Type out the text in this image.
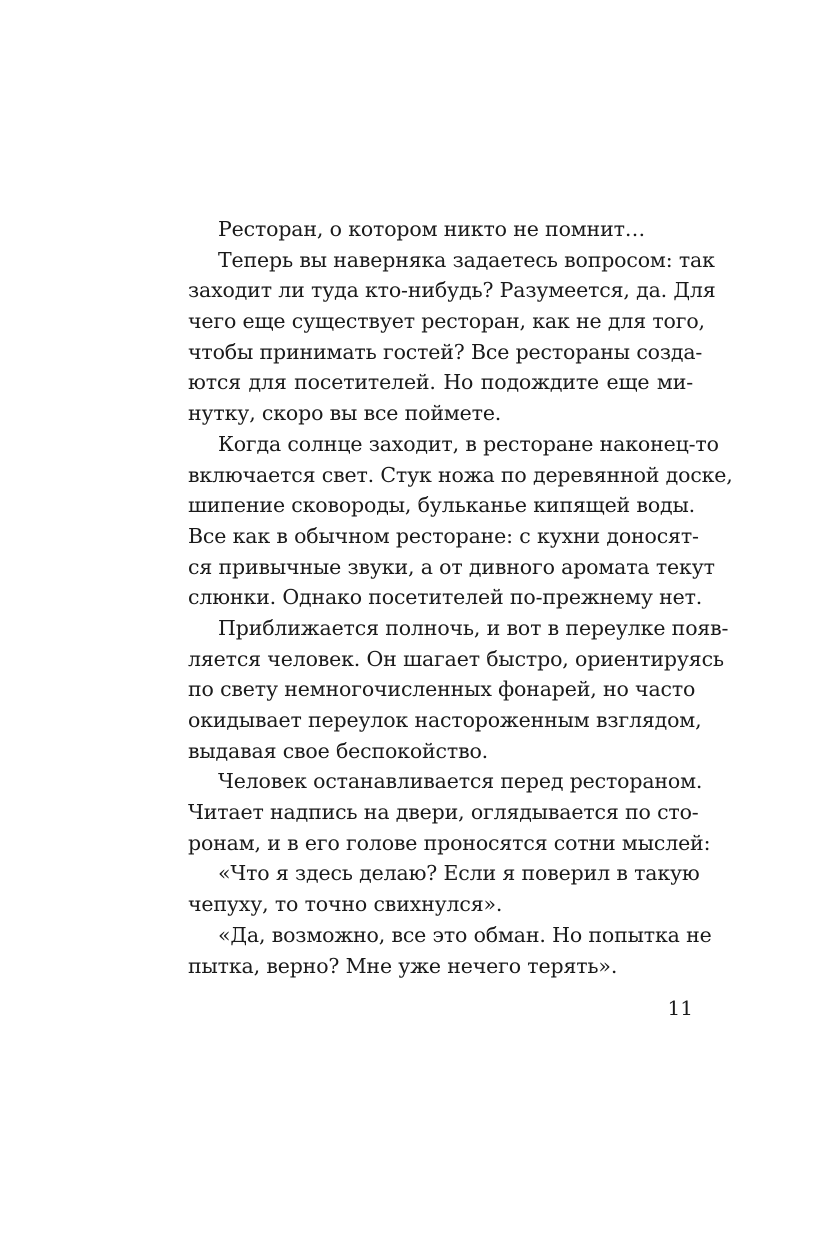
Ресторан, о котором никто не помнит…
Теперь вы наверняка задаетесь вопросом: так
заходит ли туда кто-нибудь? Разумеется, да. Для
чего еще существует ресторан, как не для того,
чтобы принимать гостей? Все рестораны созда-
ются для посетителей. Но подождите еще ми-
нутку, скоро вы все поймете.
Когда солнце заходит, в ресторане наконец-то
включается свет. Стук ножа по деревянной доске,
шипение сковороды, бульканье кипящей воды.
Все как в обычном ресторане: с кухни доносят-
ся привычные звуки, а от дивного аромата текут
слюнки. Однако посетителей по-прежнему нет.
Приближается полночь, и вот в переулке появ-
ляется человек. Он шагает быстро, ориентируясь
по свету немногочисленных фонарей, но часто
окидывает переулок настороженным взглядом,
выдавая свое беспокойство.
Человек останавливается перед рестораном.
Читает надпись на двери, оглядывается по сто-
ронам, и в его голове проносятся сотни мыслей:
«Что я здесь делаю? Если я поверил в такую
чепуху, то точно свихнулся».
«Да, возможно, все это обман. Но попытка не
пытка, верно? Мне уже нечего терять».
11
